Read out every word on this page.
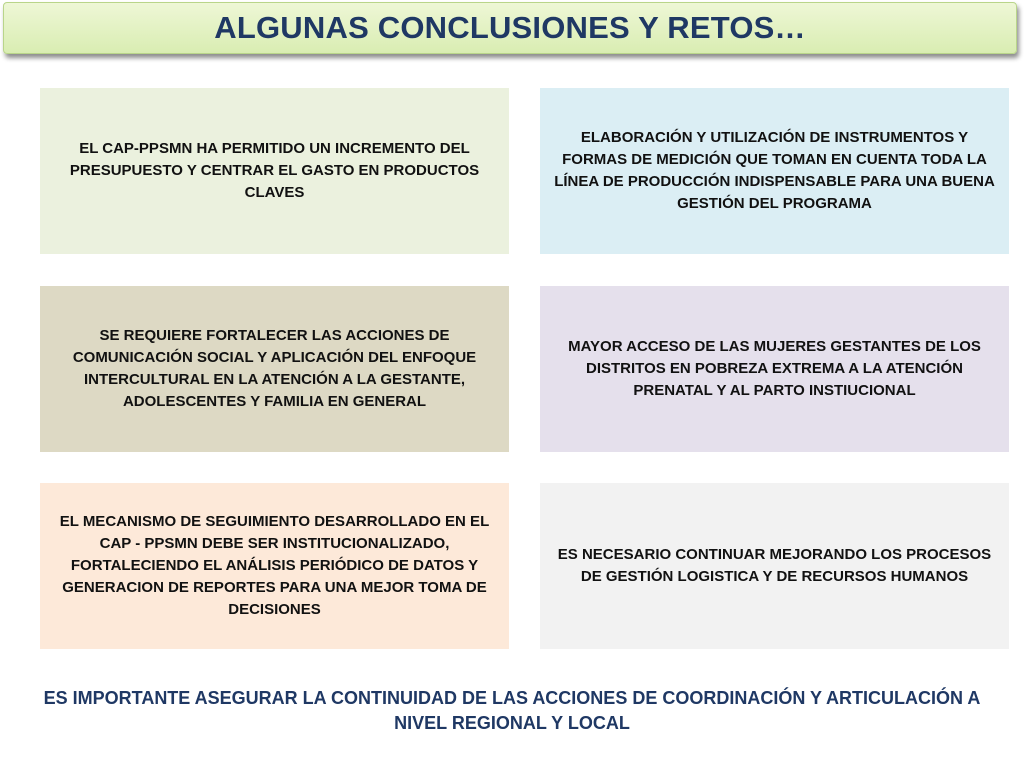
ALGUNAS CONCLUSIONES Y RETOS…
EL CAP-PPSMN HA PERMITIDO UN INCREMENTO DEL PRESUPUESTO Y CENTRAR EL GASTO EN PRODUCTOS CLAVES
ELABORACIÓN Y UTILIZACIÓN DE INSTRUMENTOS Y FORMAS DE MEDICIÓN QUE TOMAN EN CUENTA TODA LA LÍNEA DE PRODUCCIÓN INDISPENSABLE PARA UNA BUENA GESTIÓN DEL PROGRAMA
SE REQUIERE FORTALECER LAS ACCIONES DE COMUNICACIÓN SOCIAL Y APLICACIÓN DEL ENFOQUE INTERCULTURAL EN LA ATENCIÓN A LA GESTANTE, ADOLESCENTES Y FAMILIA EN GENERAL
MAYOR ACCESO DE LAS MUJERES GESTANTES DE LOS DISTRITOS EN POBREZA EXTREMA A LA ATENCIÓN PRENATAL Y AL PARTO INSTIUCIONAL
EL MECANISMO DE SEGUIMIENTO DESARROLLADO EN EL CAP - PPSMN DEBE SER INSTITUCIONALIZADO, FORTALECIENDO EL ANÁLISIS PERIÓDICO DE DATOS Y GENERACION DE REPORTES PARA UNA MEJOR TOMA DE DECISIONES
ES NECESARIO CONTINUAR MEJORANDO LOS PROCESOS DE GESTIÓN LOGISTICA Y DE RECURSOS HUMANOS
ES IMPORTANTE ASEGURAR LA CONTINUIDAD DE LAS ACCIONES DE COORDINACIÓN Y ARTICULACIÓN A NIVEL REGIONAL Y LOCAL
